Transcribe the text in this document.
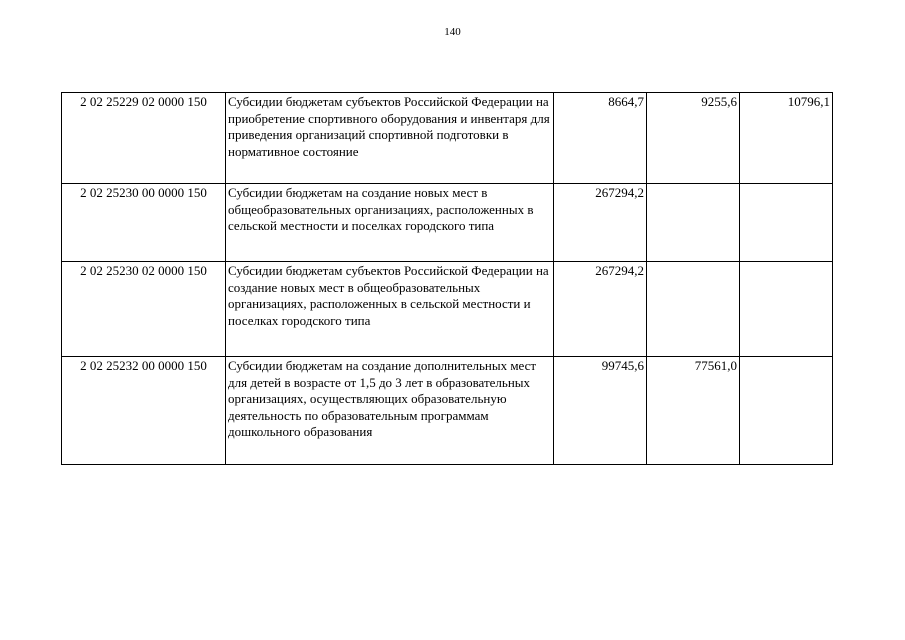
140
2 02 25229 02 0000 150	Субсидии бюджетам субъектов Российской Федерации на приобретение спортивного оборудования и инвентаря для приведения организаций спортивной подготовки в нормативное состояние	8664,7	9255,6	10796,1
2 02 25230 00 0000 150	Субсидии бюджетам на создание новых мест в общеобразовательных организациях, расположенных в сельской местности и поселках городского типа	267294,2		
2 02 25230 02 0000 150	Субсидии бюджетам субъектов Российской Федерации на создание новых мест в общеобразовательных организациях, расположенных в сельской местности и поселках городского типа	267294,2		
2 02 25232 00 0000 150	Субсидии бюджетам на создание дополнительных мест для детей в возрасте от 1,5 до 3 лет в образовательных организациях, осуществляющих образовательную деятельность по образовательным программам дошкольного образования	99745,6	77561,0	
